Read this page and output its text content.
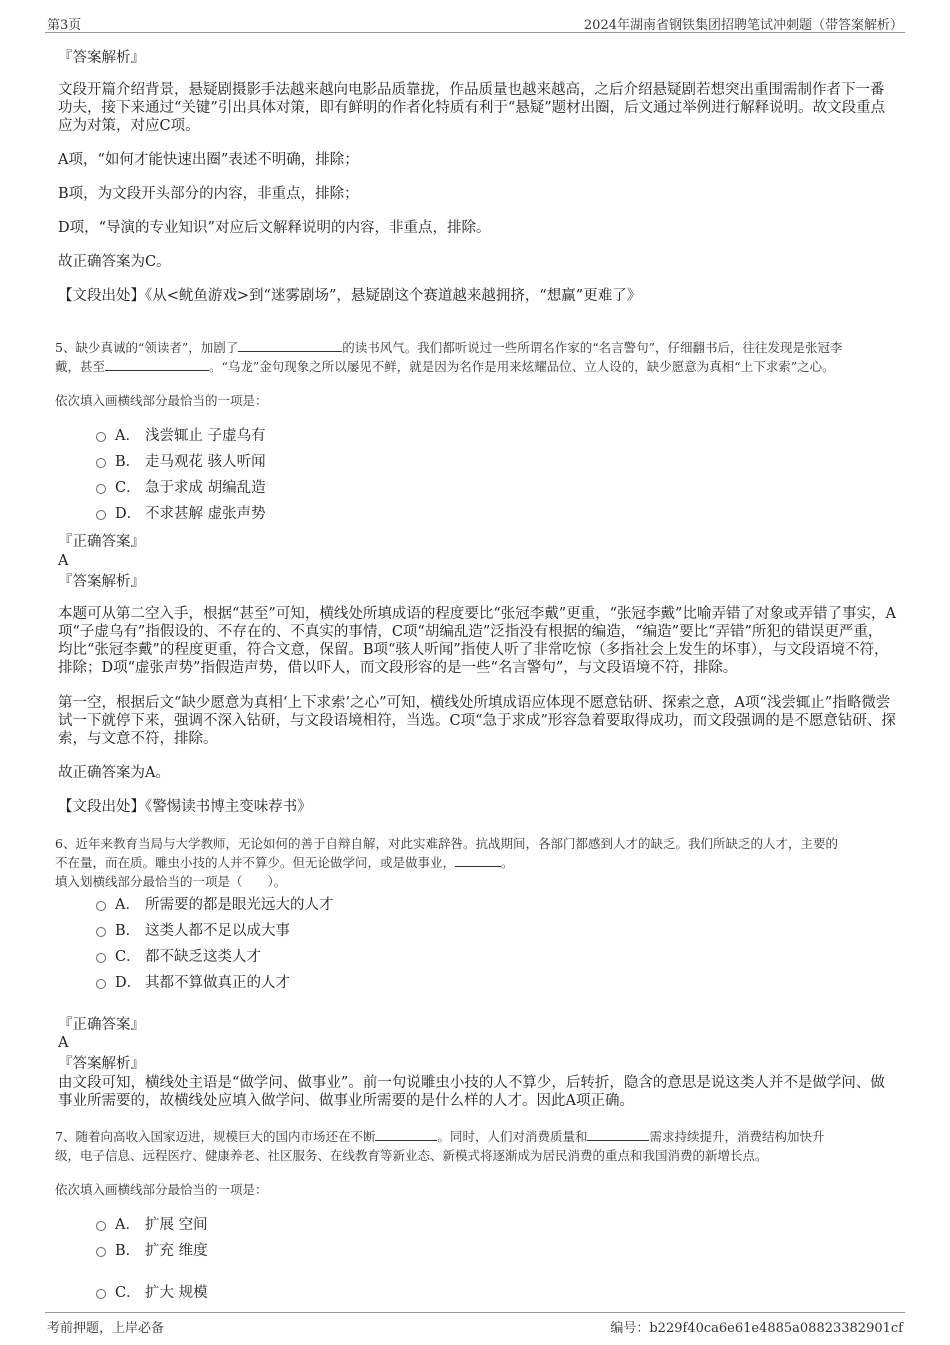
第3页	2024年湖南省钢铁集团招聘笔试冲刺题（带答案解析）
『答案解析』
文段开篇介绍背景，悬疑剧摄影手法越来越向电影品质靠拢，作品质量也越来越高，之后介绍悬疑剧若想突出重围需制作者下一番功夫，接下来通过“关键”引出具体对策，即有鲜明的作者化特质有利于“悬疑”题材出圈，后文通过举例进行解释说明。故文段重点应为对策，对应C项。
A项，“如何才能快速出圈”表述不明确，排除；
B项，为文段开头部分的内容，非重点，排除；
D项，“导演的专业知识”对应后文解释说明的内容，非重点，排除。
故正确答案为C。
【文段出处】《从<鱿鱼游戏>到“迷雾剧场”，悬疑剧这个赛道越来越拥挤，“想赢”更难了》
5、缺少真诚的“领读者”，加剧了	的读书风气。我们都听说过一些所谓名作家的“名言警句”，仔细翻书后，往往发现是张冠李
戴，甚至	。“乌龙”金句现象之所以屡见不鲜，就是因为名作是用来炫耀品位、立人设的，缺少愿意为真相“上下求索”之心。
依次填入画横线部分最恰当的一项是：
A． 浅尝辄止 子虚乌有
B． 走马观花 骇人听闻
C． 急于求成 胡编乱造
D． 不求甚解 虚张声势
『正确答案』
A
『答案解析』
本题可从第二空入手，根据“甚至”可知，横线处所填成语的程度要比“张冠李戴”更重，“张冠李戴”比喻弄错了对象或弄错了事实，A项“子虚乌有”指假设的、不存在的、不真实的事情，C项“胡编乱造”泛指没有根据的编造，“编造”要比“弄错”所犯的错误更严重，均比“张冠李戴”的程度更重，符合文意，保留。B项“骇人听闻”指使人听了非常吃惊（多指社会上发生的坏事），与文段语境不符，排除；D项“虚张声势”指假造声势，借以吓人，而文段形容的是一些“名言警句”，与文段语境不符，排除。
第一空，根据后文“缺少愿意为真相‘上下求索’之心”可知，横线处所填成语应体现不愿意钻研、探索之意，A项“浅尝辄止”指略微尝试一下就停下来，强调不深入钻研，与文段语境相符，当选。C项“急于求成”形容急着要取得成功，而文段强调的是不愿意钻研、探索，与文意不符，排除。
故正确答案为A。
【文段出处】《警惕读书博主变味荐书》
6、近年来教育当局与大学教师，无论如何的善于自辩自解，对此实难辞咎。抗战期间，各部门都感到人才的缺乏。我们所缺乏的人才，主要的
不在量，而在质。雕虫小技的人并不算少。但无论做学问，或是做事业，	。
填入划横线部分最恰当的一项是（　　）。
A． 所需要的都是眼光远大的人才
B． 这类人都不足以成大事
C． 都不缺乏这类人才
D． 其都不算做真正的人才
『正确答案』
A
『答案解析』
由文段可知，横线处主语是“做学问、做事业”。前一句说雕虫小技的人不算少，后转折，隐含的意思是说这类人并不是做学问、做事业所需要的，故横线处应填入做学问、做事业所需要的是什么样的人才。因此A项正确。
7、随着向高收入国家迈进，规模巨大的国内市场还在不断	。同时，人们对消费质量和	需求持续提升，消费结构加快升
级，电子信息、远程医疗、健康养老、社区服务、在线教育等新业态、新模式将逐渐成为居民消费的重点和我国消费的新增长点。
依次填入画横线部分最恰当的一项是：
A． 扩展 空间
B． 扩充 维度
C． 扩大 规模
考前押题，上岸必备	编号：b229f40ca6e61e4885a08823382901cf
